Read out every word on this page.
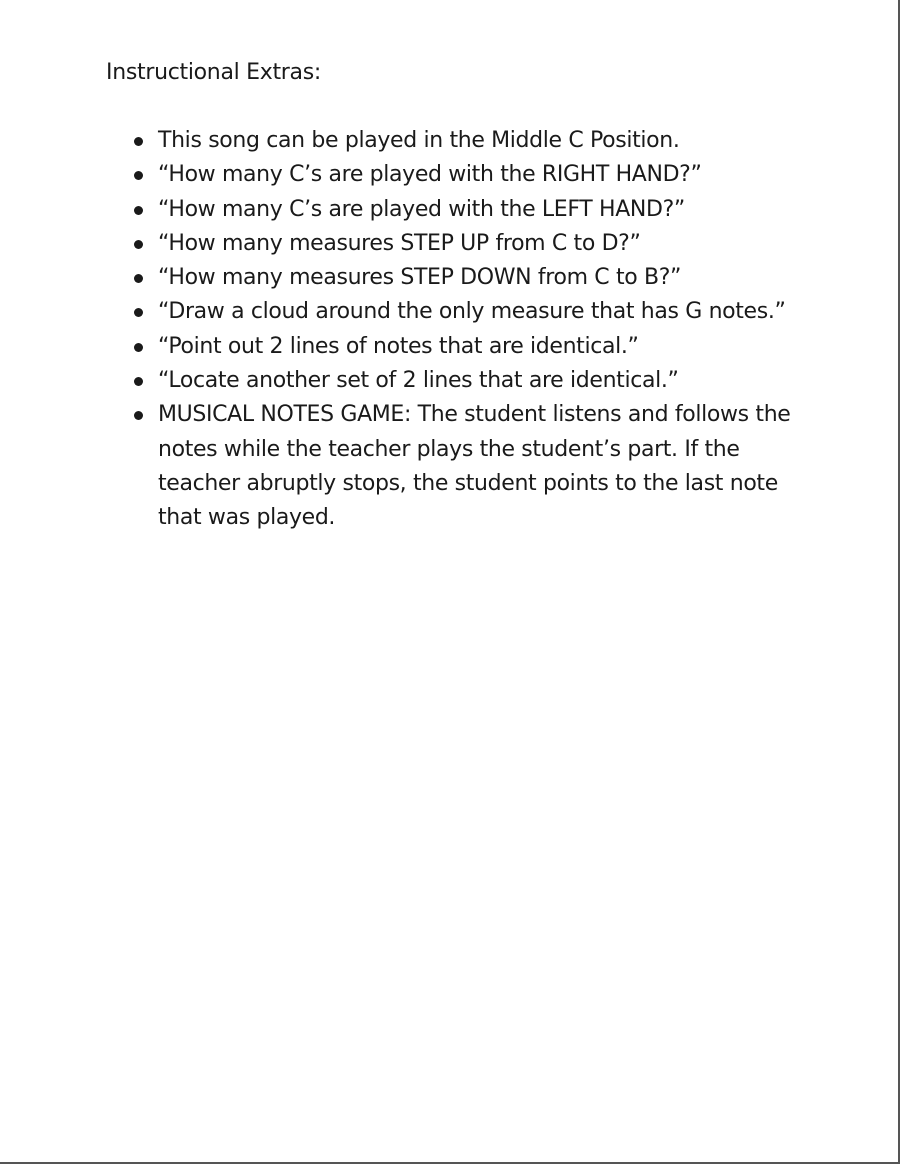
Instructional Extras:
This song can be played in the Middle C Position.
“How many C’s are played with the RIGHT HAND?”
“How many C’s are played with the LEFT HAND?”
“How many measures STEP UP from C to D?”
“How many measures STEP DOWN from C to B?”
“Draw a cloud around the only measure that has G notes.”
“Point out 2 lines of notes that are identical.”
“Locate another set of 2 lines that are identical.”
MUSICAL NOTES GAME: The student listens and follows the notes while the teacher plays the student’s part. If the teacher abruptly stops, the student points to the last note that was played.
